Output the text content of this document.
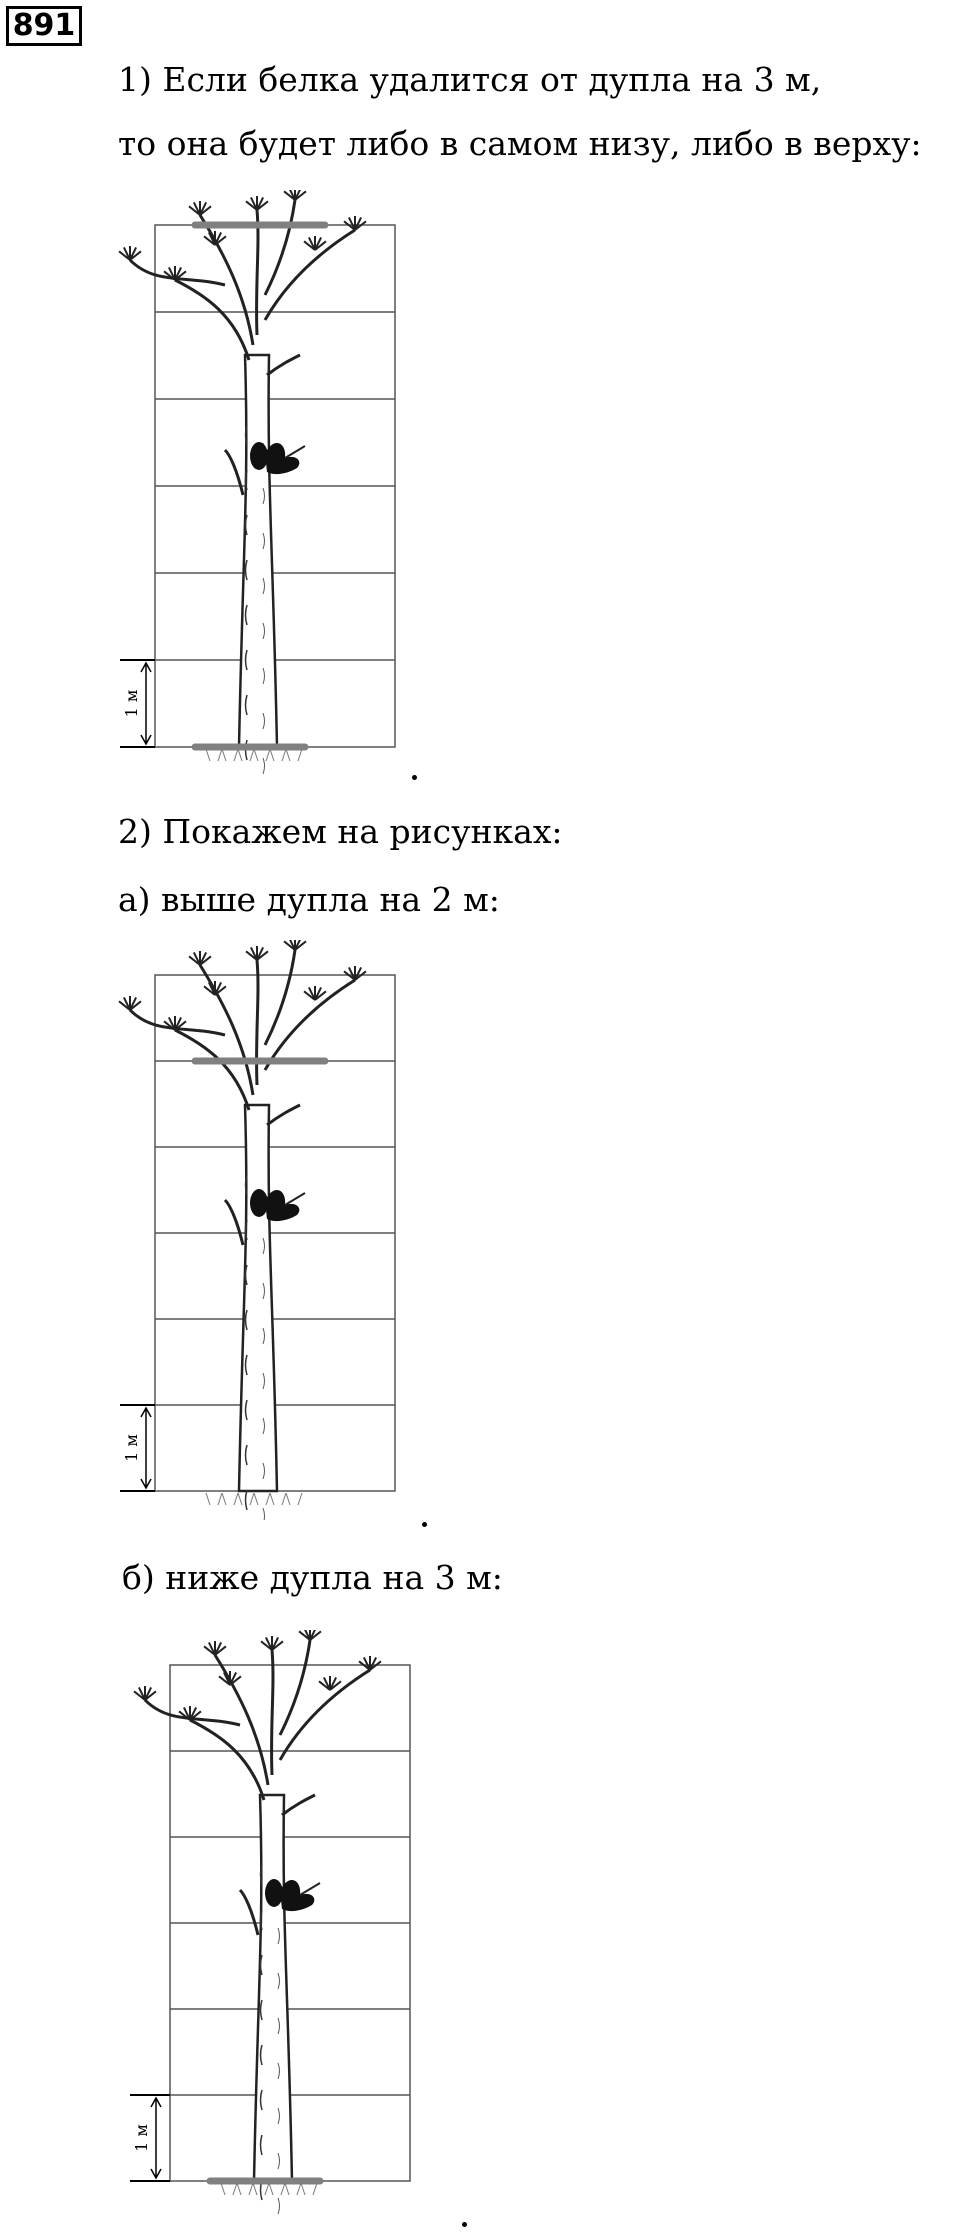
891
1) Если белка удалится от дупла на 3 м,
то она будет либо в самом низу, либо в верху:
1 м
2) Покажем на рисунках:
а) выше дупла на 2 м:
1 м
б) ниже дупла на 3 м:
1 м
